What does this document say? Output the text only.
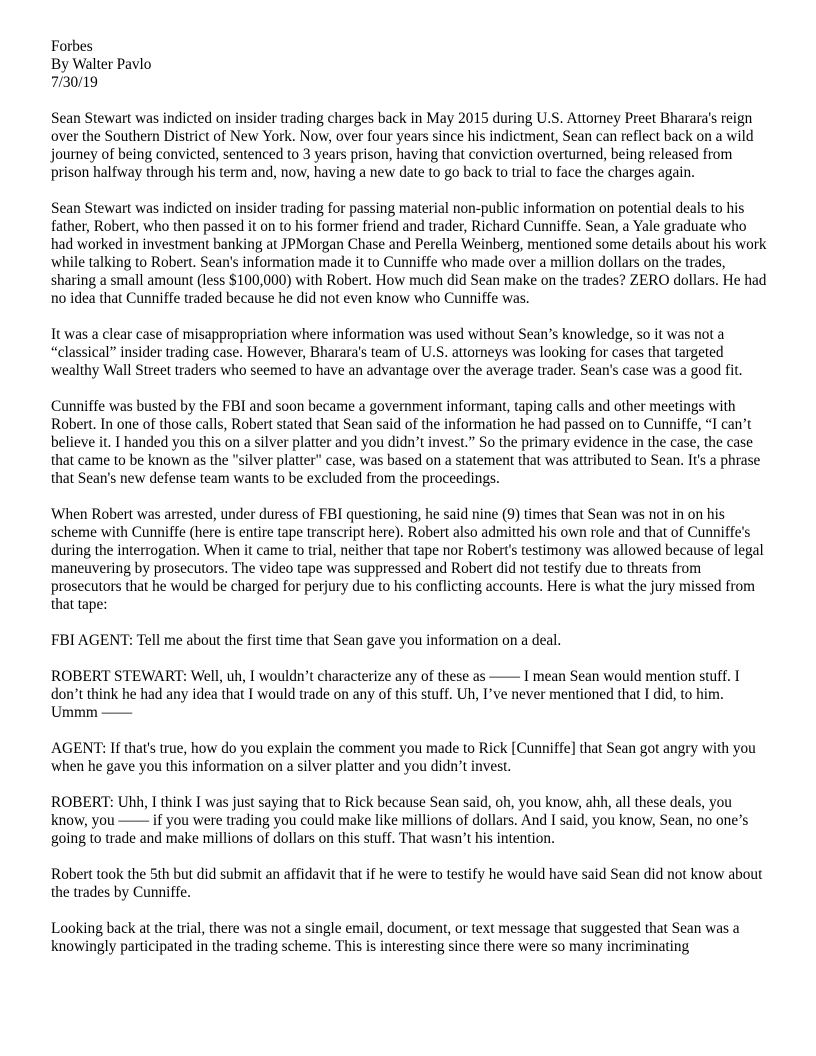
Forbes
By Walter Pavlo
7/30/19

Sean Stewart was indicted on insider trading charges back in May 2015 during U.S. Attorney Preet Bharara's reign over the Southern District of New York. Now, over four years since his indictment, Sean can reflect back on a wild journey of being convicted, sentenced to 3 years prison, having that conviction overturned, being released from prison halfway through his term and, now, having a new date to go back to trial to face the charges again.

Sean Stewart was indicted on insider trading for passing material non-public information on potential deals to his father, Robert, who then passed it on to his former friend and trader, Richard Cunniffe. Sean, a Yale graduate who had worked in investment banking at JPMorgan Chase and Perella Weinberg, mentioned some details about his work while talking to Robert. Sean's information made it to Cunniffe who made over a million dollars on the trades, sharing a small amount (less $100,000) with Robert. How much did Sean make on the trades? ZERO dollars. He had no idea that Cunniffe traded because he did not even know who Cunniffe was.

It was a clear case of misappropriation where information was used without Sean’s knowledge, so it was not a “classical” insider trading case. However, Bharara's team of U.S. attorneys was looking for cases that targeted wealthy Wall Street traders who seemed to have an advantage over the average trader. Sean's case was a good fit.

Cunniffe was busted by the FBI and soon became a government informant, taping calls and other meetings with Robert. In one of those calls, Robert stated that Sean said of the information he had passed on to Cunniffe, “I can’t believe it. I handed you this on a silver platter and you didn’t invest.” So the primary evidence in the case, the case that came to be known as the "silver platter" case, was based on a statement that was attributed to Sean. It's a phrase that Sean's new defense team wants to be excluded from the proceedings.

When Robert was arrested, under duress of FBI questioning, he said nine (9) times that Sean was not in on his scheme with Cunniffe (here is entire tape transcript here). Robert also admitted his own role and that of Cunniffe's during the interrogation. When it came to trial, neither that tape nor Robert's testimony was allowed because of legal maneuvering by prosecutors. The video tape was suppressed and Robert did not testify due to threats from prosecutors that he would be charged for perjury due to his conflicting accounts. Here is what the jury missed from that tape:

FBI AGENT: Tell me about the first time that Sean gave you information on a deal.

ROBERT STEWART: Well, uh, I wouldn’t characterize any of these as —— I mean Sean would mention stuff. I don’t think he had any idea that I would trade on any of this stuff. Uh, I’ve never mentioned that I did, to him. Ummm ——

AGENT: If that's true, how do you explain the comment you made to Rick [Cunniffe] that Sean got angry with you when he gave you this information on a silver platter and you didn’t invest.

ROBERT: Uhh, I think I was just saying that to Rick because Sean said, oh, you know, ahh, all these deals, you know, you —— if you were trading you could make like millions of dollars. And I said, you know, Sean, no one’s going to trade and make millions of dollars on this stuff. That wasn’t his intention.

Robert took the 5th but did submit an affidavit that if he were to testify he would have said Sean did not know about the trades by Cunniffe.

Looking back at the trial, there was not a single email, document, or text message that suggested that Sean was a knowingly participated in the trading scheme. This is interesting since there were so many incriminating
